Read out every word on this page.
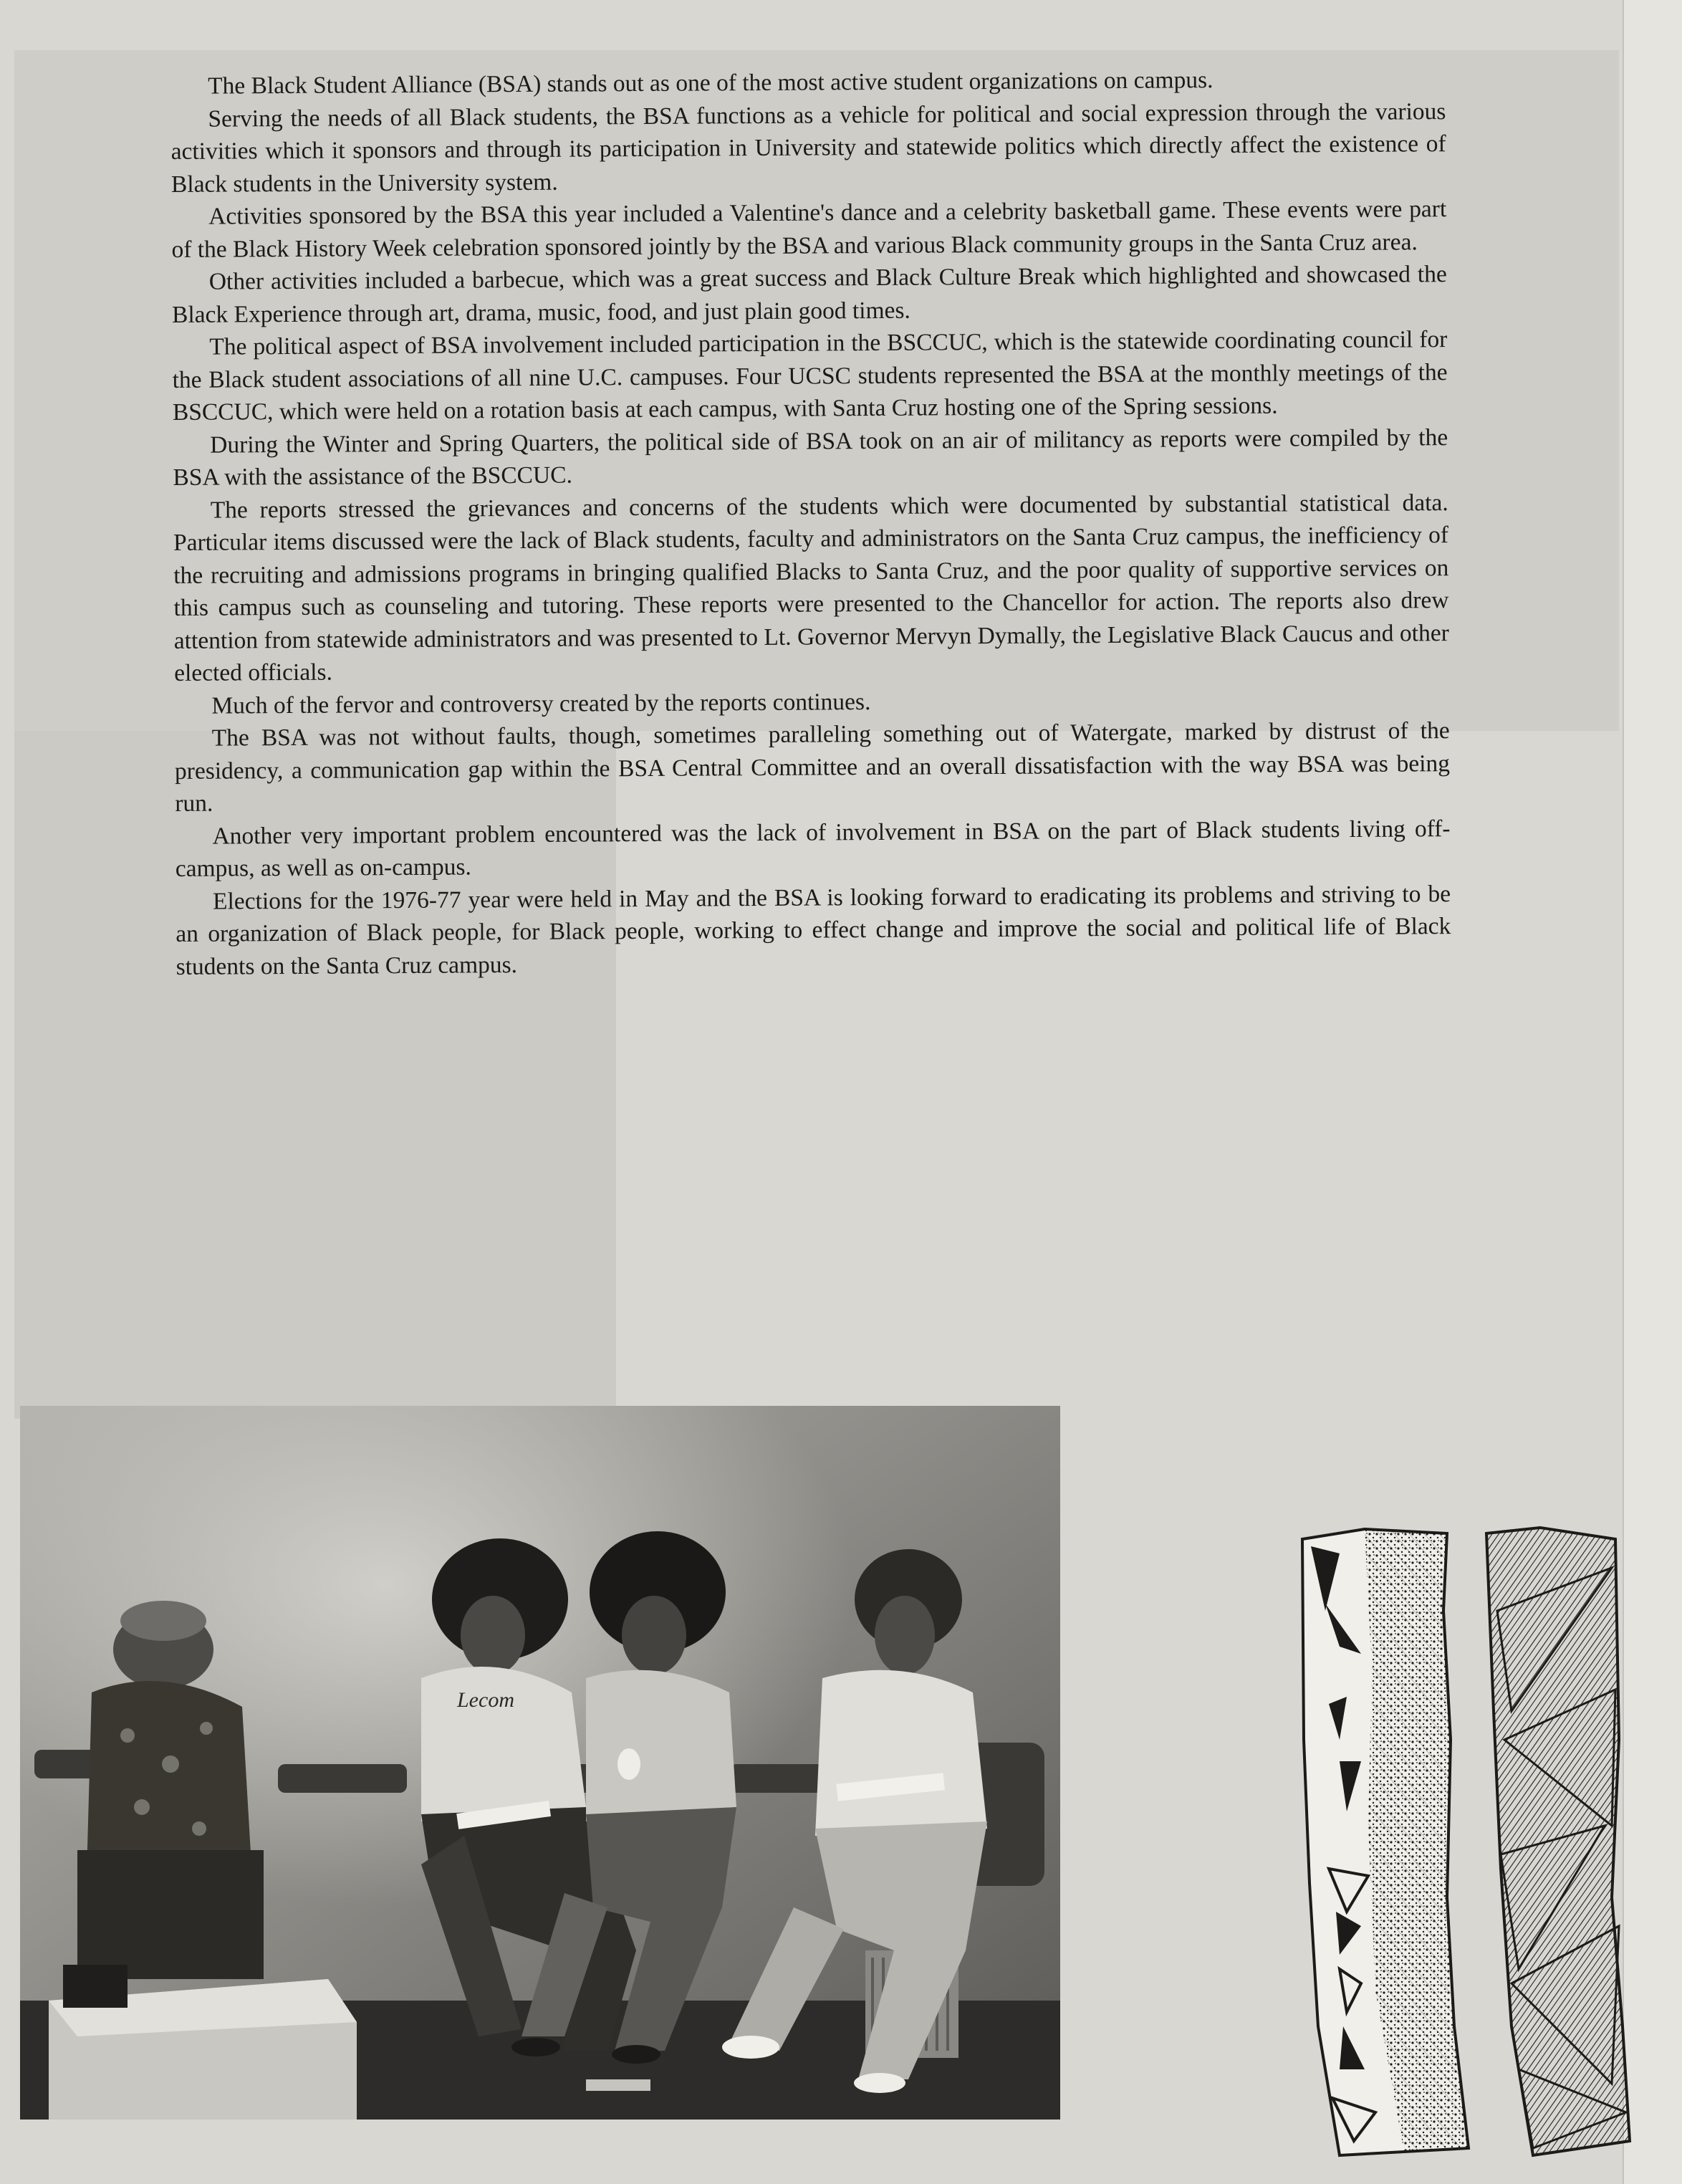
The Black Student Alliance (BSA) stands out as one of the most active student organizations on campus.

Serving the needs of all Black students, the BSA functions as a vehicle for political and social expression through the various activities which it sponsors and through its participation in University and statewide politics which directly affect the existence of Black students in the University system.

Activities sponsored by the BSA this year included a Valentine's dance and a celebrity basketball game. These events were part of the Black History Week celebration sponsored jointly by the BSA and various Black community groups in the Santa Cruz area.

Other activities included a barbecue, which was a great success and Black Culture Break which highlighted and showcased the Black Experience through art, drama, music, food, and just plain good times.

The political aspect of BSA involvement included participation in the BSCCUC, which is the statewide coordinating council for the Black student associations of all nine U.C. campuses. Four UCSC students represented the BSA at the monthly meetings of the BSCCUC, which were held on a rotation basis at each campus, with Santa Cruz hosting one of the Spring sessions.

During the Winter and Spring Quarters, the political side of BSA took on an air of militancy as reports were compiled by the BSA with the assistance of the BSCCUC.

The reports stressed the grievances and concerns of the students which were documented by substantial statistical data. Particular items discussed were the lack of Black students, faculty and administrators on the Santa Cruz campus, the inefficiency of the recruiting and admissions programs in bringing qualified Blacks to Santa Cruz, and the poor quality of supportive services on this campus such as counseling and tutoring. These reports were presented to the Chancellor for action. The reports also drew attention from statewide administrators and was presented to Lt. Governor Mervyn Dymally, the Legislative Black Caucus and other elected officials.

Much of the fervor and controversy created by the reports continues.

The BSA was not without faults, though, sometimes paralleling something out of Watergate, marked by distrust of the presidency, a communication gap within the BSA Central Committee and an overall dissatisfaction with the way BSA was being run.

Another very important problem encountered was the lack of involvement in BSA on the part of Black students living off-campus, as well as on-campus.

Elections for the 1976-77 year were held in May and the BSA is looking forward to eradicating its problems and striving to be an organization of Black people, for Black people, working to effect change and improve the social and political life of Black students on the Santa Cruz campus.

Lecom
